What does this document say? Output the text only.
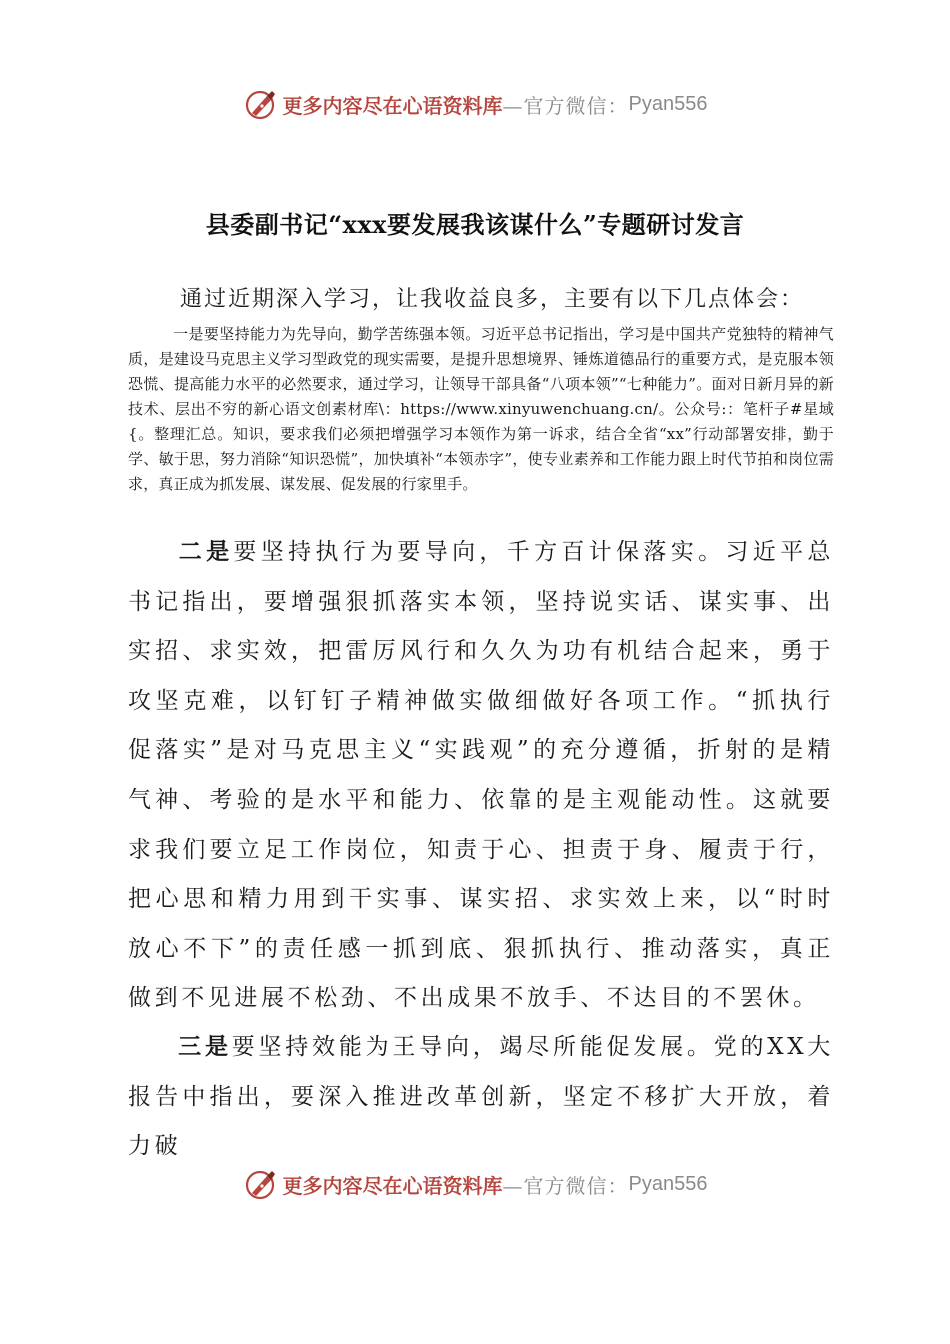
更多内容尽在心语资料库 —官方微信： Pyan556
县委副书记“xxx要发展我该谋什么”专题研讨发言
通过近期深入学习，让我收益良多，主要有以下几点体会：
一是要坚持能力为先导向，勤学苦练强本领。习近平总书记指出，学习是中国共产党独特的精神气质，是建设马克思主义学习型政党的现实需要，是提升思想境界、锤炼道德品行的重要方式，是克服本领恐慌、提高能力水平的必然要求，通过学习，让领导干部具备“八项本领”“七种能力”。面对日新月异的新技术、层出不穷的新心语文创素材库\：https://www.xinyuwenchuang.cn/。公众号:：笔杆子#星域{。整理汇总。知识，要求我们必须把增强学习本领作为第一诉求，结合全省“xx”行动部署安排，勤于学、敏于思，努力消除“知识恐慌”，加快填补“本领赤字”，使专业素养和工作能力跟上时代节拍和岗位需求，真正成为抓发展、谋发展、促发展的行家里手。
二是要坚持执行为要导向，千方百计保落实。习近平总书记指出，要增强狠抓落实本领，坚持说实话、谋实事、出实招、求实效，把雷厉风行和久久为功有机结合起来，勇于攻坚克难，以钉钉子精神做实做细做好各项工作。“抓执行促落实”是对马克思主义“实践观”的充分遵循，折射的是精气神、考验的是水平和能力、依靠的是主观能动性。这就要求我们要立足工作岗位，知责于心、担责于身、履责于行，把心思和精力用到干实事、谋实招、求实效上来，以“时时放心不下”的责任感一抓到底、狠抓执行、推动落实，真正做到不见进展不松劲、不出成果不放手、不达目的不罢休。
三是要坚持效能为王导向，竭尽所能促发展。党的XX大报告中指出，要深入推进改革创新，坚定不移扩大开放，着力破
更多内容尽在心语资料库 —官方微信： Pyan556
